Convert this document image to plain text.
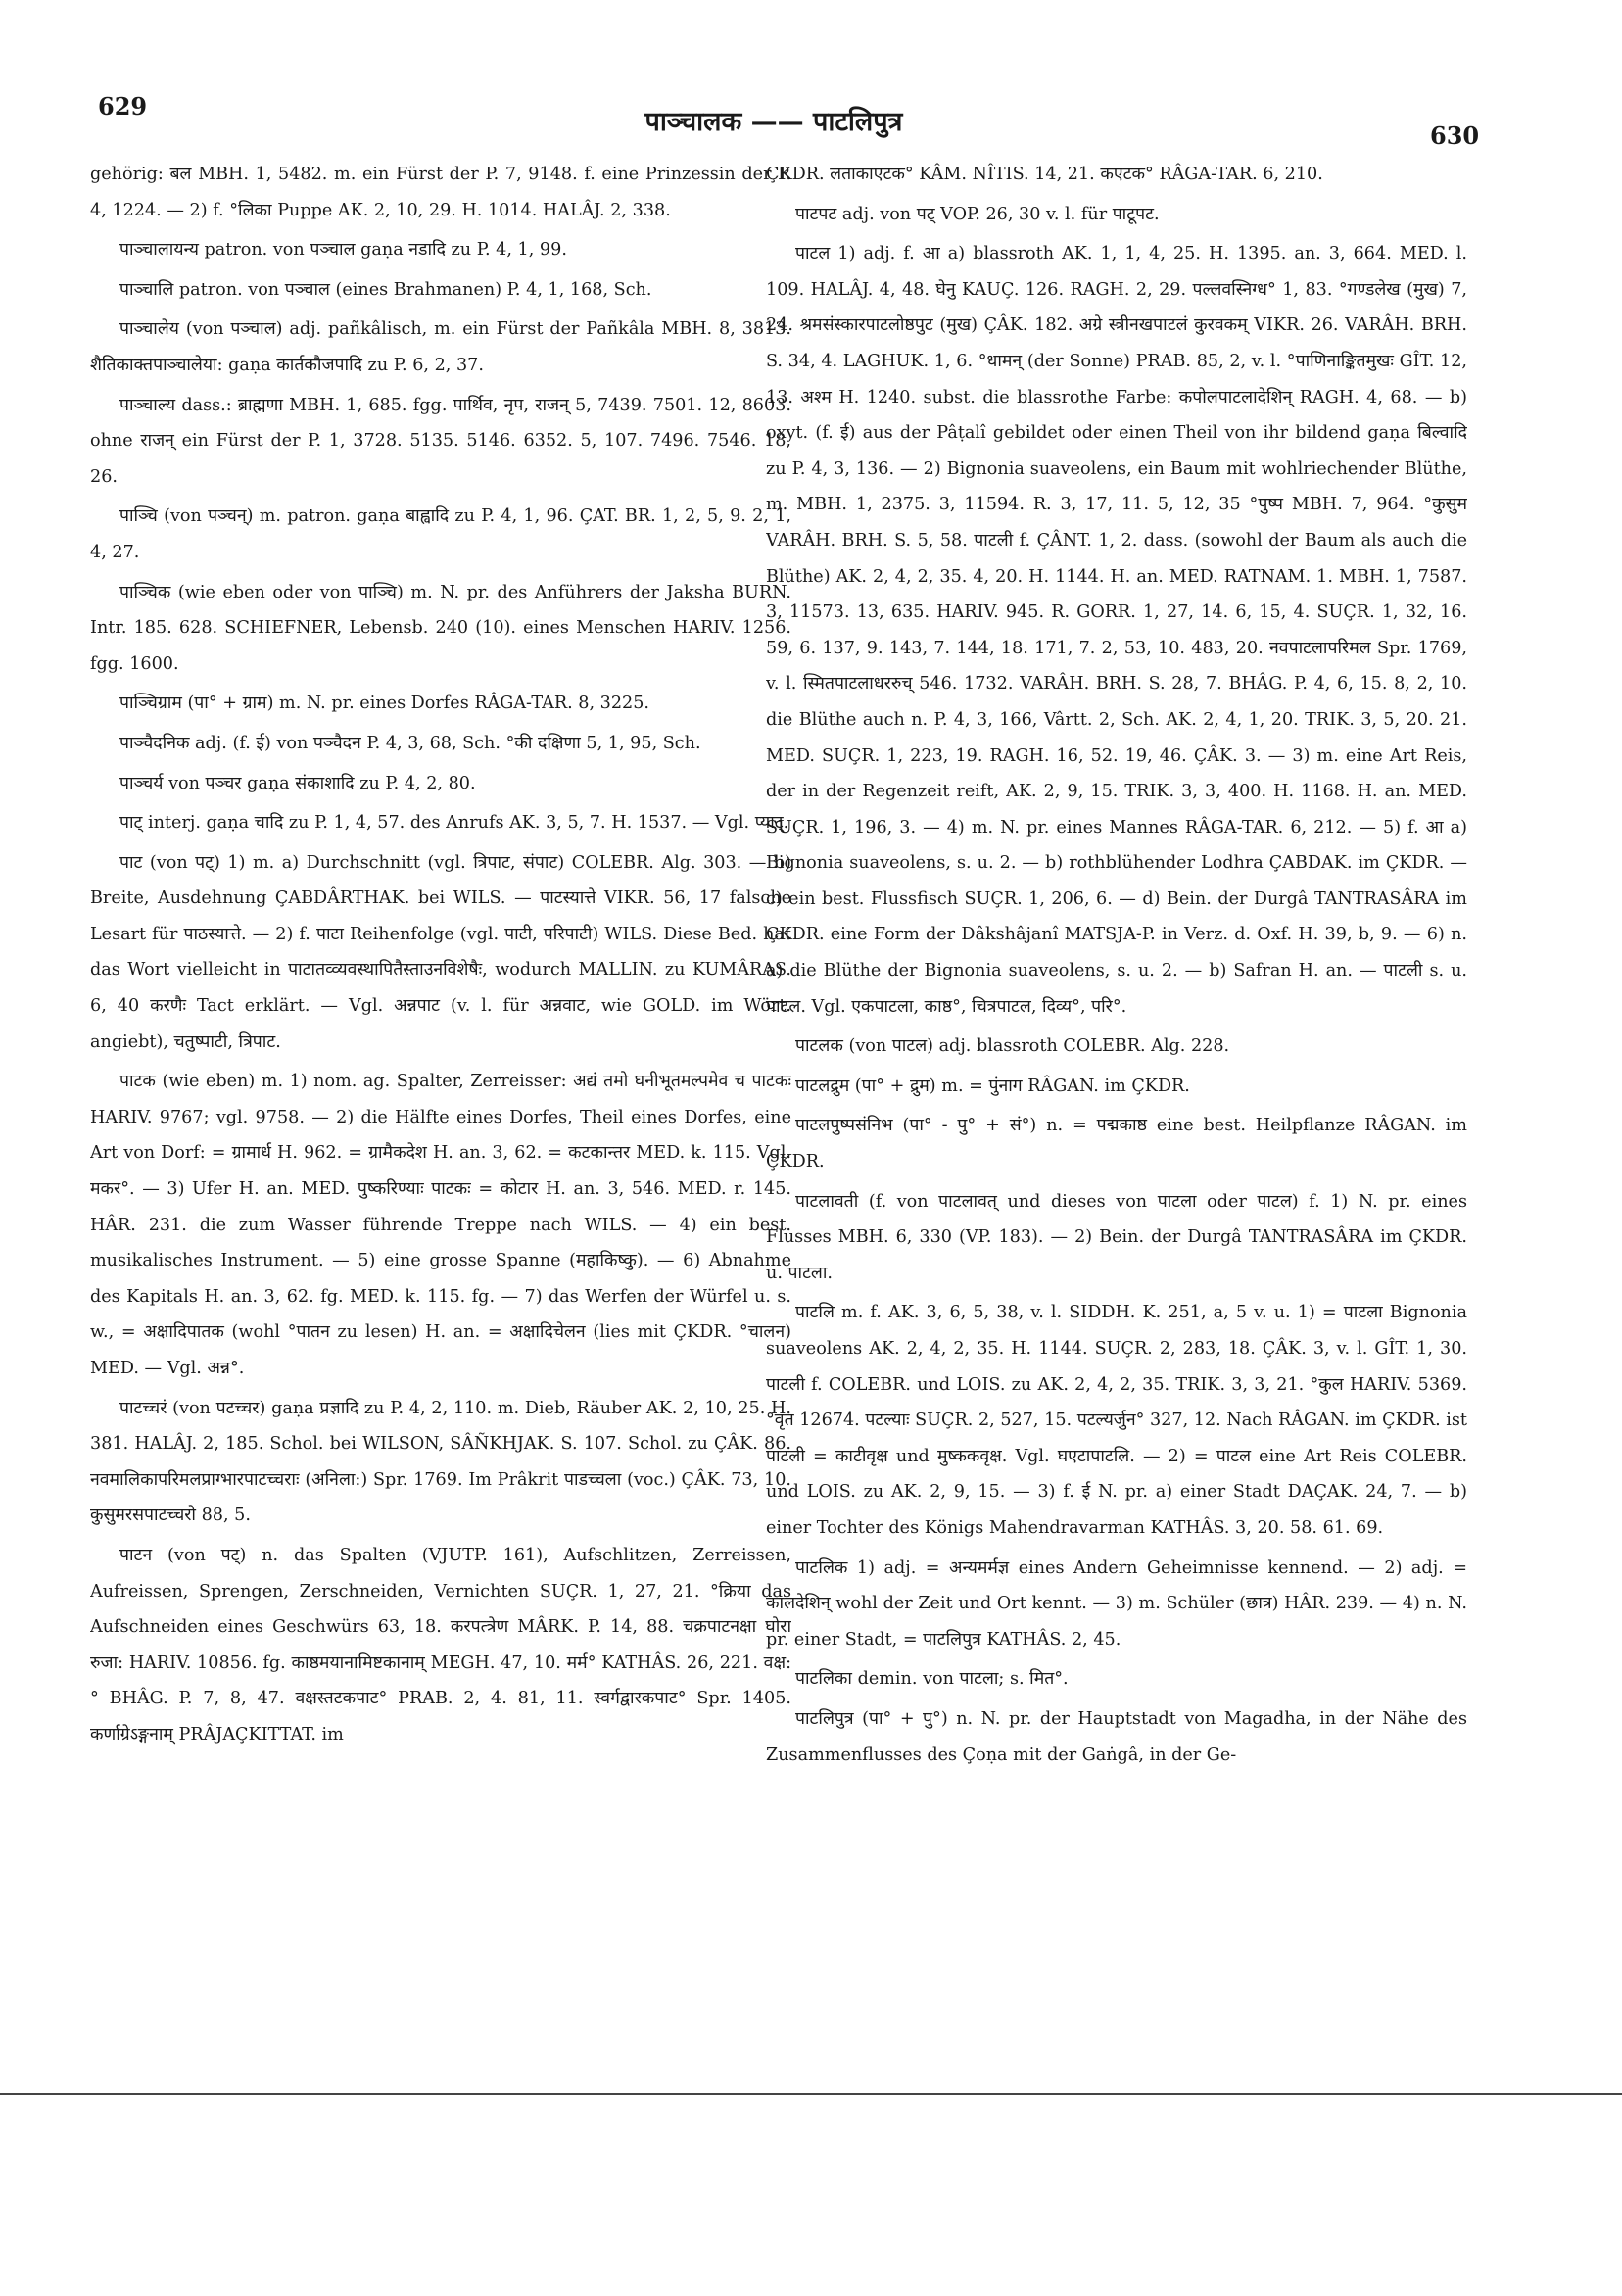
629
पाञ्चालक —— पाटलिपुत्र	630

gehörig: बल MBH. 1, 5482. m. ein Fürst der P. 7, 9148. f. eine Prinzessin der P. 4, 1224. — 2) f. °लिका Puppe AK. 2, 10, 29. H. 1014. HALÂJ. 2, 338.

पाञ्चालायन्य patron. von पञ्चाल gaṇa नडादि zu P. 4, 1, 99.

पाञ्चालि patron. von पञ्चाल (eines Brahmanen) P. 4, 1, 168, Sch.

पाञ्चालेय (von पञ्चाल) adj. pañkâlisch, m. ein Fürst der Pañkâla MBH. 8, 3813. शैतिकाक्तपाञ्चालेया: gaṇa कार्तकौजपादि zu P. 6, 2, 37.

पाञ्चाल्य dass.: ब्राह्मणा MBH. 1, 685. fgg. पार्थिव, नृप, राजन् 5, 7439. 7501. 12, 8603. ohne राजन् ein Fürst der P. 1, 3728. 5135. 5146. 6352. 5, 107. 7496. 7546. 18, 26.

पाञ्चि (von पञ्चन्) m. patron. gaṇa बाह्वादि zu P. 4, 1, 96. ÇAT. BR. 1, 2, 5, 9. 2, 1, 4, 27.

पाञ्चिक (wie eben oder von पाञ्चि) m. N. pr. des Anführers der Jaksha BURN. Intr. 185. 628. SCHIEFNER, Lebensb. 240 (10). eines Menschen HARIV. 1256. fgg. 1600.

पाञ्चिग्राम (पा° + ग्राम) m. N. pr. eines Dorfes RÂGA-TAR. 8, 3225.

पाञ्चैदनिक adj. (f. ई) von पञ्चैदन P. 4, 3, 68, Sch. °की दक्षिणा 5, 1, 95, Sch.

पाञ्चर्य von पञ्चर gaṇa संकाशादि zu P. 4, 2, 80.

पाट् interj. gaṇa चादि zu P. 1, 4, 57. des Anrufs AK. 3, 5, 7. H. 1537. — Vgl. प्याट्.

पाट (von पट्) 1) m. a) Durchschnitt (vgl. त्रिपाट, संपाट) COLEBR. Alg. 303. — b) Breite, Ausdehnung ÇABDÂRTHAK. bei WILS. — पाटस्यात्ते VIKR. 56, 17 falsche Lesart für पाठस्यात्ते. — 2) f. पाटा Reihenfolge (vgl. पाटी, परिपाटी) WILS. Diese Bed. hat das Wort vielleicht in पाटातव्व्यवस्थापितैस्ताउनविशेषैः, wodurch MALLIN. zu KUMÂRAS. 6, 40 करणैः Tact erklärt. — Vgl. अन्नपाट (v. l. für अन्नवाट, wie GOLD. im Wört. angiebt), चतुष्पाटी, त्रिपाट.

पाटक (wie eben) m. 1) nom. ag. Spalter, Zerreisser: अद्यं तमो घनीभूतमल्पमेव च पाटकः HARIV. 9767; vgl. 9758. — 2) die Hälfte eines Dorfes, Theil eines Dorfes, eine Art von Dorf: = ग्रामार्ध H. 962. = ग्रामैकदेश H. an. 3, 62. = कटकान्तर MED. k. 115. Vgl. मकर°. — 3) Ufer H. an. MED. पुष्करिण्याः पाटकः = कोटार H. an. 3, 546. MED. r. 145. HÂR. 231. die zum Wasser führende Treppe nach WILS. — 4) ein best. musikalisches Instrument. — 5) eine grosse Spanne (महाकिष्कु). — 6) Abnahme des Kapitals H. an. 3, 62. fg. MED. k. 115. fg. — 7) das Werfen der Würfel u. s. w., = अक्षादिपातक (wohl °पातन zu lesen) H. an. = अक्षादिचेलन (lies mit ÇKDR. °चालन) MED. — Vgl. अन्न°.

पाटच्चरं (von पटच्चर) gaṇa प्रज्ञादि zu P. 4, 2, 110. m. Dieb, Räuber AK. 2, 10, 25. H. 381. HALÂJ. 2, 185. Schol. bei WILSON, SÂÑKHJAK. S. 107. Schol. zu ÇÂK. 86. नवमालिकापरिमलप्राग्भारपाटच्चराः (अनिला:) Spr. 1769. Im Prâkrit पाडच्चला (voc.) ÇÂK. 73, 10. कुसुमरसपाटच्चरो 88, 5.

पाटन (von पट्) n. das Spalten (VJUTP. 161), Aufschlitzen, Zerreissen, Aufreissen, Sprengen, Zerschneiden, Vernichten SUÇR. 1, 27, 21. °क्रिया das Aufschneiden eines Geschwürs 63, 18. करपत्त्रेण MÂRK. P. 14, 88. चक्रपाटनक्षा घोरा रुजा: HARIV. 10856. fg. काष्ठमयानामिष्टकानाम् MEGH. 47, 10. मर्म° KATHÂS. 26, 221. वक्ष:° BHÂG. P. 7, 8, 47. वक्षस्तटकपाट° PRAB. 2, 4. 81, 11. स्वर्गद्वारकपाट° Spr. 1405. कर्णाग्रेऽङ्गनाम् PRÂJAÇKITTAT. im

ÇKDR. लताकाएटक° KÂM. NÎTIS. 14, 21. कएटक° RÂGA-TAR. 6, 210.

पाटपट adj. von पट् VOP. 26, 30 v. l. für पाटूपट.

पाटल 1) adj. f. आ a) blassroth AK. 1, 1, 4, 25. H. 1395. an. 3, 664. MED. l. 109. HALÂJ. 4, 48. घेनु KAUÇ. 126. RAGH. 2, 29. पल्लवस्निग्ध° 1, 83. °गण्डलेख (मुख) 7, 24. श्रमसंस्कारपाटलोष्ठपुट (मुख) ÇÂK. 182. अग्रे स्त्रीनखपाटलं कुरवकम् VIKR. 26. VARÂH. BRH. S. 34, 4. LAGHUK. 1, 6. °धामन् (der Sonne) PRAB. 85, 2, v. l. °पाणिनाङ्कितमुखः GÎT. 12, 13. अश्म H. 1240. subst. die blassrothe Farbe: कपोलपाटलादेशिन् RAGH. 4, 68. — b) oxyt. (f. ई) aus der Pâṭalî gebildet oder einen Theil von ihr bildend gaṇa बिल्वादि zu P. 4, 3, 136. — 2) Bignonia suaveolens, ein Baum mit wohlriechender Blüthe, m. MBH. 1, 2375. 3, 11594. R. 3, 17, 11. 5, 12, 35 °पुष्प MBH. 7, 964. °कुसुम VARÂH. BRH. S. 5, 58. पाटली f. ÇÂNT. 1, 2. dass. (sowohl der Baum als auch die Blüthe) AK. 2, 4, 2, 35. 4, 20. H. 1144. H. an. MED. RATNAM. 1. MBH. 1, 7587. 3, 11573. 13, 635. HARIV. 945. R. GORR. 1, 27, 14. 6, 15, 4. SUÇR. 1, 32, 16. 59, 6. 137, 9. 143, 7. 144, 18. 171, 7. 2, 53, 10. 483, 20. नवपाटलापरिमल Spr. 1769, v. l. स्मितपाटलाधररुच् 546. 1732. VARÂH. BRH. S. 28, 7. BHÂG. P. 4, 6, 15. 8, 2, 10. die Blüthe auch n. P. 4, 3, 166, Vârtt. 2, Sch. AK. 2, 4, 1, 20. TRIK. 3, 5, 20. 21. MED. SUÇR. 1, 223, 19. RAGH. 16, 52. 19, 46. ÇÂK. 3. — 3) m. eine Art Reis, der in der Regenzeit reift, AK. 2, 9, 15. TRIK. 3, 3, 400. H. 1168. H. an. MED. SUÇR. 1, 196, 3. — 4) m. N. pr. eines Mannes RÂGA-TAR. 6, 212. — 5) f. आ a) Bignonia suaveolens, s. u. 2. — b) rothblühender Lodhra ÇABDAK. im ÇKDR. — c) ein best. Flussfisch SUÇR. 1, 206, 6. — d) Bein. der Durgâ TANTRASÂRA im ÇKDR. eine Form der Dâkshâjanî MATSJA-P. in Verz. d. Oxf. H. 39, b, 9. — 6) n. a) die Blüthe der Bignonia suaveolens, s. u. 2. — b) Safran H. an. — पाटली s. u. पाटल. Vgl. एकपाटला, काष्ठ°, चित्रपाटल, दिव्य°, परि°.

पाटलक (von पाटल) adj. blassroth COLEBR. Alg. 228.

पाटलद्रुम (पा° + द्रुम) m. = पुंनाग RÂGAN. im ÇKDR.

पाटलपुष्पसंनिभ (पा° - पु° + सं°) n. = पद्मकाष्ठ eine best. Heilpflanze RÂGAN. im ÇKDR.

पाटलावती (f. von पाटलावत् und dieses von पाटला oder पाटल) f. 1) N. pr. eines Flusses MBH. 6, 330 (VP. 183). — 2) Bein. der Durgâ TANTRASÂRA im ÇKDR. u. पाटला.

पाटलि m. f. AK. 3, 6, 5, 38, v. l. SIDDH. K. 251, a, 5 v. u. 1) = पाटला Bignonia suaveolens AK. 2, 4, 2, 35. H. 1144. SUÇR. 2, 283, 18. ÇÂK. 3, v. l. GÎT. 1, 30. पाटली f. COLEBR. und LOIS. zu AK. 2, 4, 2, 35. TRIK. 3, 3, 21. °कुल HARIV. 5369. °वृत 12674. पटल्याः SUÇR. 2, 527, 15. पटल्यर्जुन° 327, 12. Nach RÂGAN. im ÇKDR. ist पाटली = काटीवृक्ष und मुष्ककवृक्ष. Vgl. घएटापाटलि. — 2) = पाटल eine Art Reis COLEBR. und LOIS. zu AK. 2, 9, 15. — 3) f. ई N. pr. a) einer Stadt DAÇAK. 24, 7. — b) einer Tochter des Königs Mahendravarman KATHÂS. 3, 20. 58. 61. 69.

पाटलिक 1) adj. = अन्यमर्मज्ञ eines Andern Geheimnisse kennend. — 2) adj. = कालदेशिन् wohl der Zeit und Ort kennt. — 3) m. Schüler (छात्र) HÂR. 239. — 4) n. N. pr. einer Stadt, = पाटलिपुत्र KATHÂS. 2, 45.

पाटलिका demin. von पाटला; s. मित°.

पाटलिपुत्र (पा° + पु°) n. N. pr. der Hauptstadt von Magadha, in der Nähe des Zusammenflusses des Çoṇa mit der Gaṅgâ, in der Ge-
